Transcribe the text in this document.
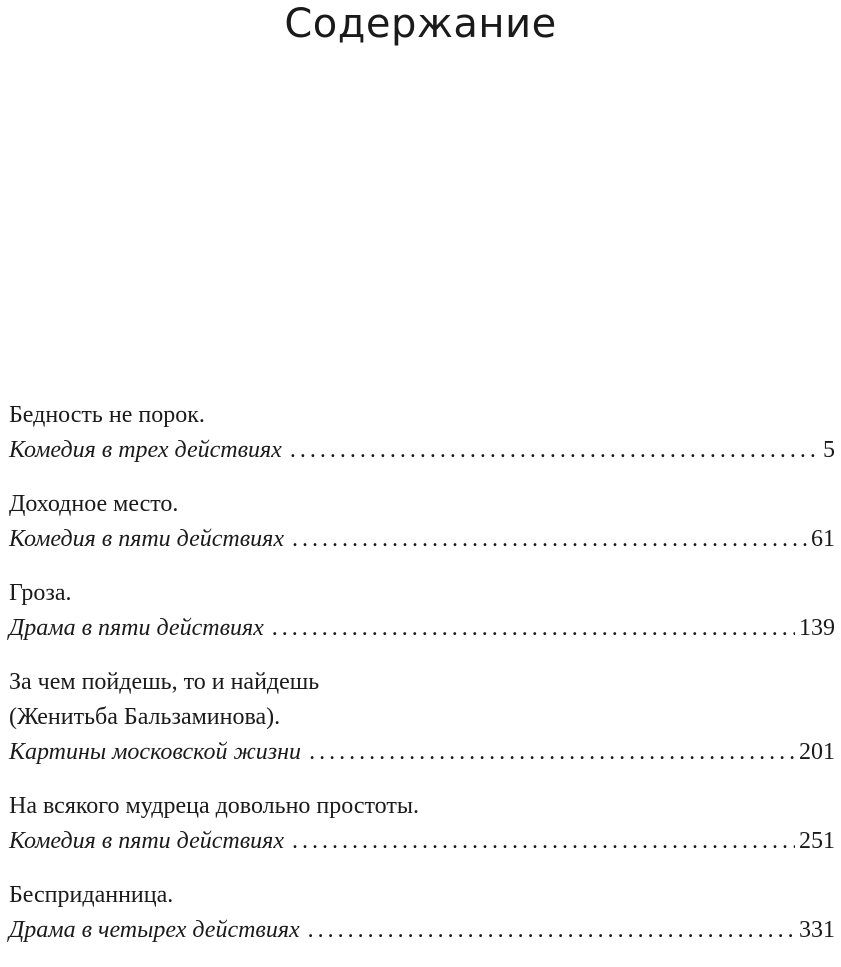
Содержание
Бедность не порок.
Комедия в трех действиях . . .	5
Доходное место.
Комедия в пяти действиях . . .	61
Гроза.
Драма в пяти действиях . . .	139
За чем пойдешь, то и найдешь
(Женитьба Бальзаминова).
Картины московской жизни . . .	201
На всякого мудреца довольно простоты.
Комедия в пяти действиях . . .	251
Бесприданница.
Драма в четырех действиях . . .	331
